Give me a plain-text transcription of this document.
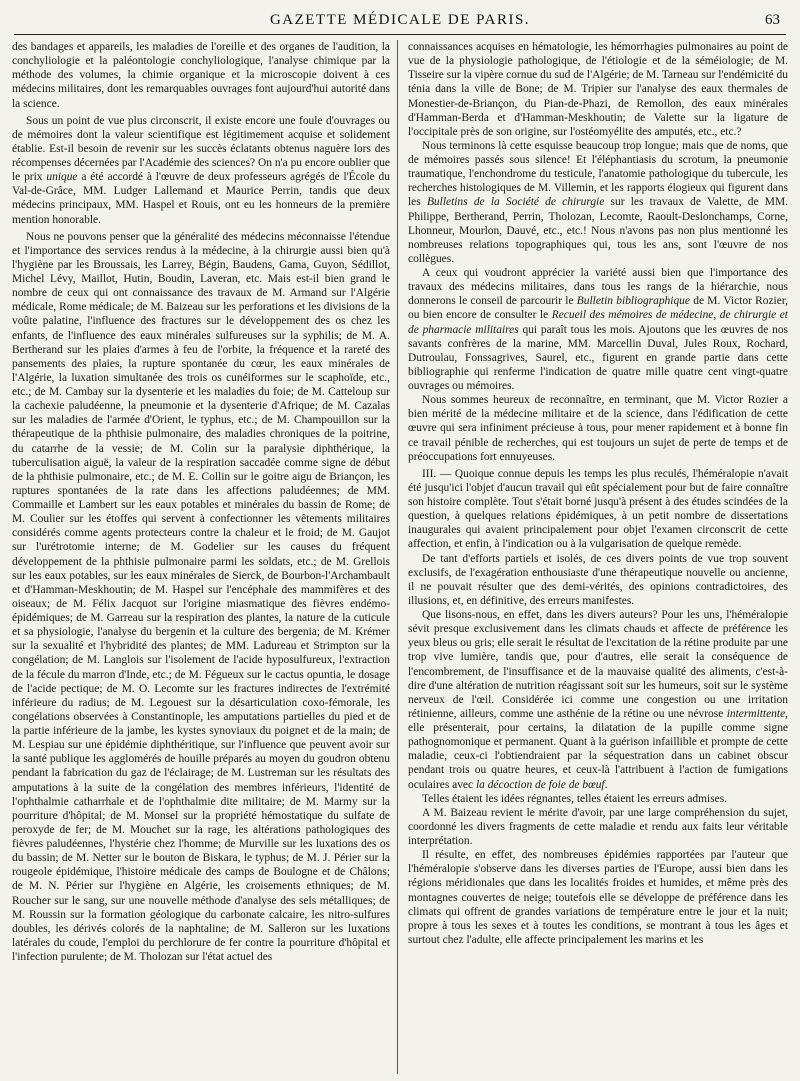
GAZETTE MÉDICALE DE PARIS.	63

des bandages et appareils, les maladies de l'oreille et des organes de l'audition, la conchyliologie et la paléontologie conchyliologique, l'analyse chimique par la méthode des volumes, la chimie organique et la microscopie doivent à ces médecins militaires, dont les remarquables ouvrages font aujourd'hui autorité dans la science.

Sous un point de vue plus circonscrit, il existe encore une foule d'ouvrages ou de mémoires dont la valeur scientifique est légitimement acquise et solidement établie. Est-il besoin de revenir sur les succès éclatants obtenus naguère lors des récompenses décernées par l'Académie des sciences? On n'a pu encore oublier que le prix unique a été accordé à l'œuvre de deux professeurs agrégés de l'École du Val-de-Grâce, MM. Ludger Lallemand et Maurice Perrin, tandis que deux médecins principaux, MM. Haspel et Rouis, ont eu les honneurs de la première mention honorable.

Nous ne pouvons penser que la généralité des médecins méconnaisse l'étendue et l'importance des services rendus à la médecine, à la chirurgie aussi bien qu'à l'hygiène par les Broussais, les Larrey, Bégin, Baudens, Gama, Guyon, Sédillot, Michel Lévy, Maillot, Hutin, Boudin, Laveran, etc. Mais est-il bien grand le nombre de ceux qui ont connaissance des travaux de M. Armand sur l'Algérie médicale, Rome médicale; de M. Baizeau sur les perforations et les divisions de la voûte palatine, l'influence des fractures sur le développement des os chez les enfants, de l'influence des eaux minérales sulfureuses sur la syphilis; de M. A. Bertherand sur les plaies d'armes à feu de l'orbite, la fréquence et la rareté des pansements des plaies, la rupture spontanée du cœur, les eaux minérales de l'Algérie, la luxation simultanée des trois os cunéiformes sur le scaphoïde, etc., etc.; de M. Cambay sur la dysenterie et les maladies du foie; de M. Catteloup sur la cachexie paludéenne, la pneumonie et la dysenterie d'Afrique; de M. Cazalas sur les maladies de l'armée d'Orient, le typhus, etc.; de M. Champouillon sur la thérapeutique de la phthisie pulmonaire, des maladies chroniques de la poitrine, du catarrhe de la vessie; de M. Colin sur la paralysie diphthérique, la tuberculisation aiguë, la valeur de la respiration saccadée comme signe de début de la phthisie pulmonaire, etc.; de M. E. Collin sur le goitre aigu de Briançon, les ruptures spontanées de la rate dans les affections paludéennes; de MM. Commaille et Lambert sur les eaux potables et minérales du bassin de Rome; de M. Coulier sur les étoffes qui servent à confectionner les vêtements militaires considérés comme agents protecteurs contre la chaleur et le froid; de M. Gaujot sur l'urétrotomie interne; de M. Godelier sur les causes du fréquent développement de la phthisie pulmonaire parmi les soldats, etc.; de M. Grellois sur les eaux potables, sur les eaux minérales de Sierck, de Bourbon-l'Archambault et d'Hamman-Meskhoutin; de M. Haspel sur l'encéphale des mammifères et des oiseaux; de M. Félix Jacquot sur l'origine miasmatique des fièvres endémo-épidémiques; de M. Garreau sur la respiration des plantes, la nature de la cuticule et sa physiologie, l'analyse du bergenin et la culture des bergenia; de M. Krémer sur la sexualité et l'hybridité des plantes; de MM. Ladureau et Strimpton sur la congélation; de M. Langlois sur l'isolement de l'acide hyposulfureux, l'extraction de la fécule du marron d'Inde, etc.; de M. Fégueux sur le cactus opuntia, le dosage de l'acide pectique; de M. O. Lecomte sur les fractures indirectes de l'extrémité inférieure du radius; de M. Legouest sur la désarticulation coxo-fémorale, les congélations observées à Constantinople, les amputations partielles du pied et de la partie inférieure de la jambe, les kystes synoviaux du poignet et de la main; de M. Lespiau sur une épidémie diphthéritique, sur l'influence que peuvent avoir sur la santé publique les agglomérés de houille préparés au moyen du goudron obtenu pendant la fabrication du gaz de l'éclairage; de M. Lustreman sur les résultats des amputations à la suite de la congélation des membres inférieurs, l'identité de l'ophthalmie catharrhale et de l'ophthalmie dite militaire; de M. Marmy sur la pourriture d'hôpital; de M. Monsel sur la propriété hémostatique du sulfate de peroxyde de fer; de M. Mouchet sur la rage, les altérations pathologiques des fièvres paludéennes, l'hystérie chez l'homme; de Murville sur les luxations des os du bassin; de M. Netter sur le bouton de Biskara, le typhus; de M. J. Périer sur la rougeole épidémique, l'histoire médicale des camps de Boulogne et de Châlons; de M. N. Périer sur l'hygiène en Algérie, les croisements ethniques; de M. Roucher sur le sang, sur une nouvelle méthode d'analyse des sels métalliques; de M. Roussin sur la formation géologique du carbonate calcaire, les nitro-sulfures doubles, les dérivés colorés de la naphtaline; de M. Salleron sur les luxations latérales du coude, l'emploi du perchlorure de fer contre la pourriture d'hôpital et l'infection purulente; de M. Tholozan sur l'état actuel des

connaissances acquises en hématologie, les hémorrhagies pulmonaires au point de vue de la physiologie pathologique, de l'étiologie et de la séméiologie; de M. Tisseire sur la vipère cornue du sud de l'Algérie; de M. Tarneau sur l'endémicité du ténia dans la ville de Bone; de M. Tripier sur l'analyse des eaux thermales de Monestier-de-Briançon, du Pian-de-Phazi, de Remollon, des eaux minérales d'Hamman-Berda et d'Hamman-Meskhoutin; de Valette sur la ligature de l'occipitale près de son origine, sur l'ostéomyélite des amputés, etc., etc.?

Nous terminons là cette esquisse beaucoup trop longue; mais que de noms, que de mémoires passés sous silence! Et l'éléphantiasis du scrotum, la pneumonie traumatique, l'enchondrome du testicule, l'anatomie pathologique du tubercule, les recherches histologiques de M. Villemin, et les rapports élogieux qui figurent dans les Bulletins de la Société de chirurgie sur les travaux de Valette, de MM. Philippe, Bertherand, Perrin, Tholozan, Lecomte, Raoult-Deslonchamps, Corne, Lhonneur, Mourlon, Dauvé, etc., etc.! Nous n'avons pas non plus mentionné les nombreuses relations topographiques qui, tous les ans, sont l'œuvre de nos collègues.

A ceux qui voudront apprécier la variété aussi bien que l'importance des travaux des médecins militaires, dans tous les rangs de la hiérarchie, nous donnerons le conseil de parcourir le Bulletin bibliographique de M. Victor Rozier, ou bien encore de consulter le Recueil des mémoires de médecine, de chirurgie et de pharmacie militaires qui paraît tous les mois. Ajoutons que les œuvres de nos savants confrères de la marine, MM. Marcellin Duval, Jules Roux, Rochard, Dutroulau, Fonssagrives, Saurel, etc., figurent en grande partie dans cette bibliographie qui renferme l'indication de quatre mille quatre cent vingt-quatre ouvrages ou mémoires.

Nous sommes heureux de reconnaître, en terminant, que M. Victor Rozier a bien mérité de la médecine militaire et de la science, dans l'édification de cette œuvre qui sera infiniment précieuse à tous, pour mener rapidement et à bonne fin ce travail pénible de recherches, qui est toujours un sujet de perte de temps et de préoccupations fort ennuyeuses.

III. — Quoique connue depuis les temps les plus reculés, l'héméralopie n'avait été jusqu'ici l'objet d'aucun travail qui eût spécialement pour but de faire connaître son histoire complète. Tout s'était borné jusqu'à présent à des études scindées de la question, à quelques relations épidémiques, à un petit nombre de dissertations inaugurales qui avaient principalement pour objet l'examen circonscrit de cette affection, et enfin, à l'indication ou à la vulgarisation de quelque remède.

De tant d'efforts partiels et isolés, de ces divers points de vue trop souvent exclusifs, de l'exagération enthousiaste d'une thérapeutique nouvelle ou ancienne, il ne pouvait résulter que des demi-vérités, des opinions contradictoires, des illusions, et, en définitive, des erreurs manifestes.

Que lisons-nous, en effet, dans les divers auteurs? Pour les uns, l'héméralopie sévit presque exclusivement dans les climats chauds et affecte de préférence les yeux bleus ou gris; elle serait le résultat de l'excitation de la rétine produite par une trop vive lumière, tandis que, pour d'autres, elle serait la conséquence de l'encombrement, de l'insuffisance et de la mauvaise qualité des aliments, c'est-à-dire d'une altération de nutrition réagissant soit sur les humeurs, soit sur le système nerveux de l'œil. Considérée ici comme une congestion ou une irritation rétinienne, ailleurs, comme une asthénie de la rétine ou une névrose intermittente, elle présenterait, pour certains, la dilatation de la pupille comme signe pathognomonique et permanent. Quant à la guérison infaillible et prompte de cette maladie, ceux-ci l'obtiendraient par la séquestration dans un cabinet obscur pendant trois ou quatre heures, et ceux-là l'attribuent à l'action de fumigations oculaires avec la décoction de foie de bœuf.

Telles étaient les idées régnantes, telles étaient les erreurs admises.

A M. Baizeau revient le mérite d'avoir, par une large compréhension du sujet, coordonné les divers fragments de cette maladie et rendu aux faits leur véritable interprétation.

Il résulte, en effet, des nombreuses épidémies rapportées par l'auteur que l'héméralopie s'observe dans les diverses parties de l'Europe, aussi bien dans les régions méridionales que dans les localités froides et humides, et même près des montagnes couvertes de neige; toutefois elle se développe de préférence dans les climats qui offrent de grandes variations de température entre le jour et la nuit; propre à tous les sexes et à toutes les conditions, se montrant à tous les âges et surtout chez l'adulte, elle affecte principalement les marins et les
